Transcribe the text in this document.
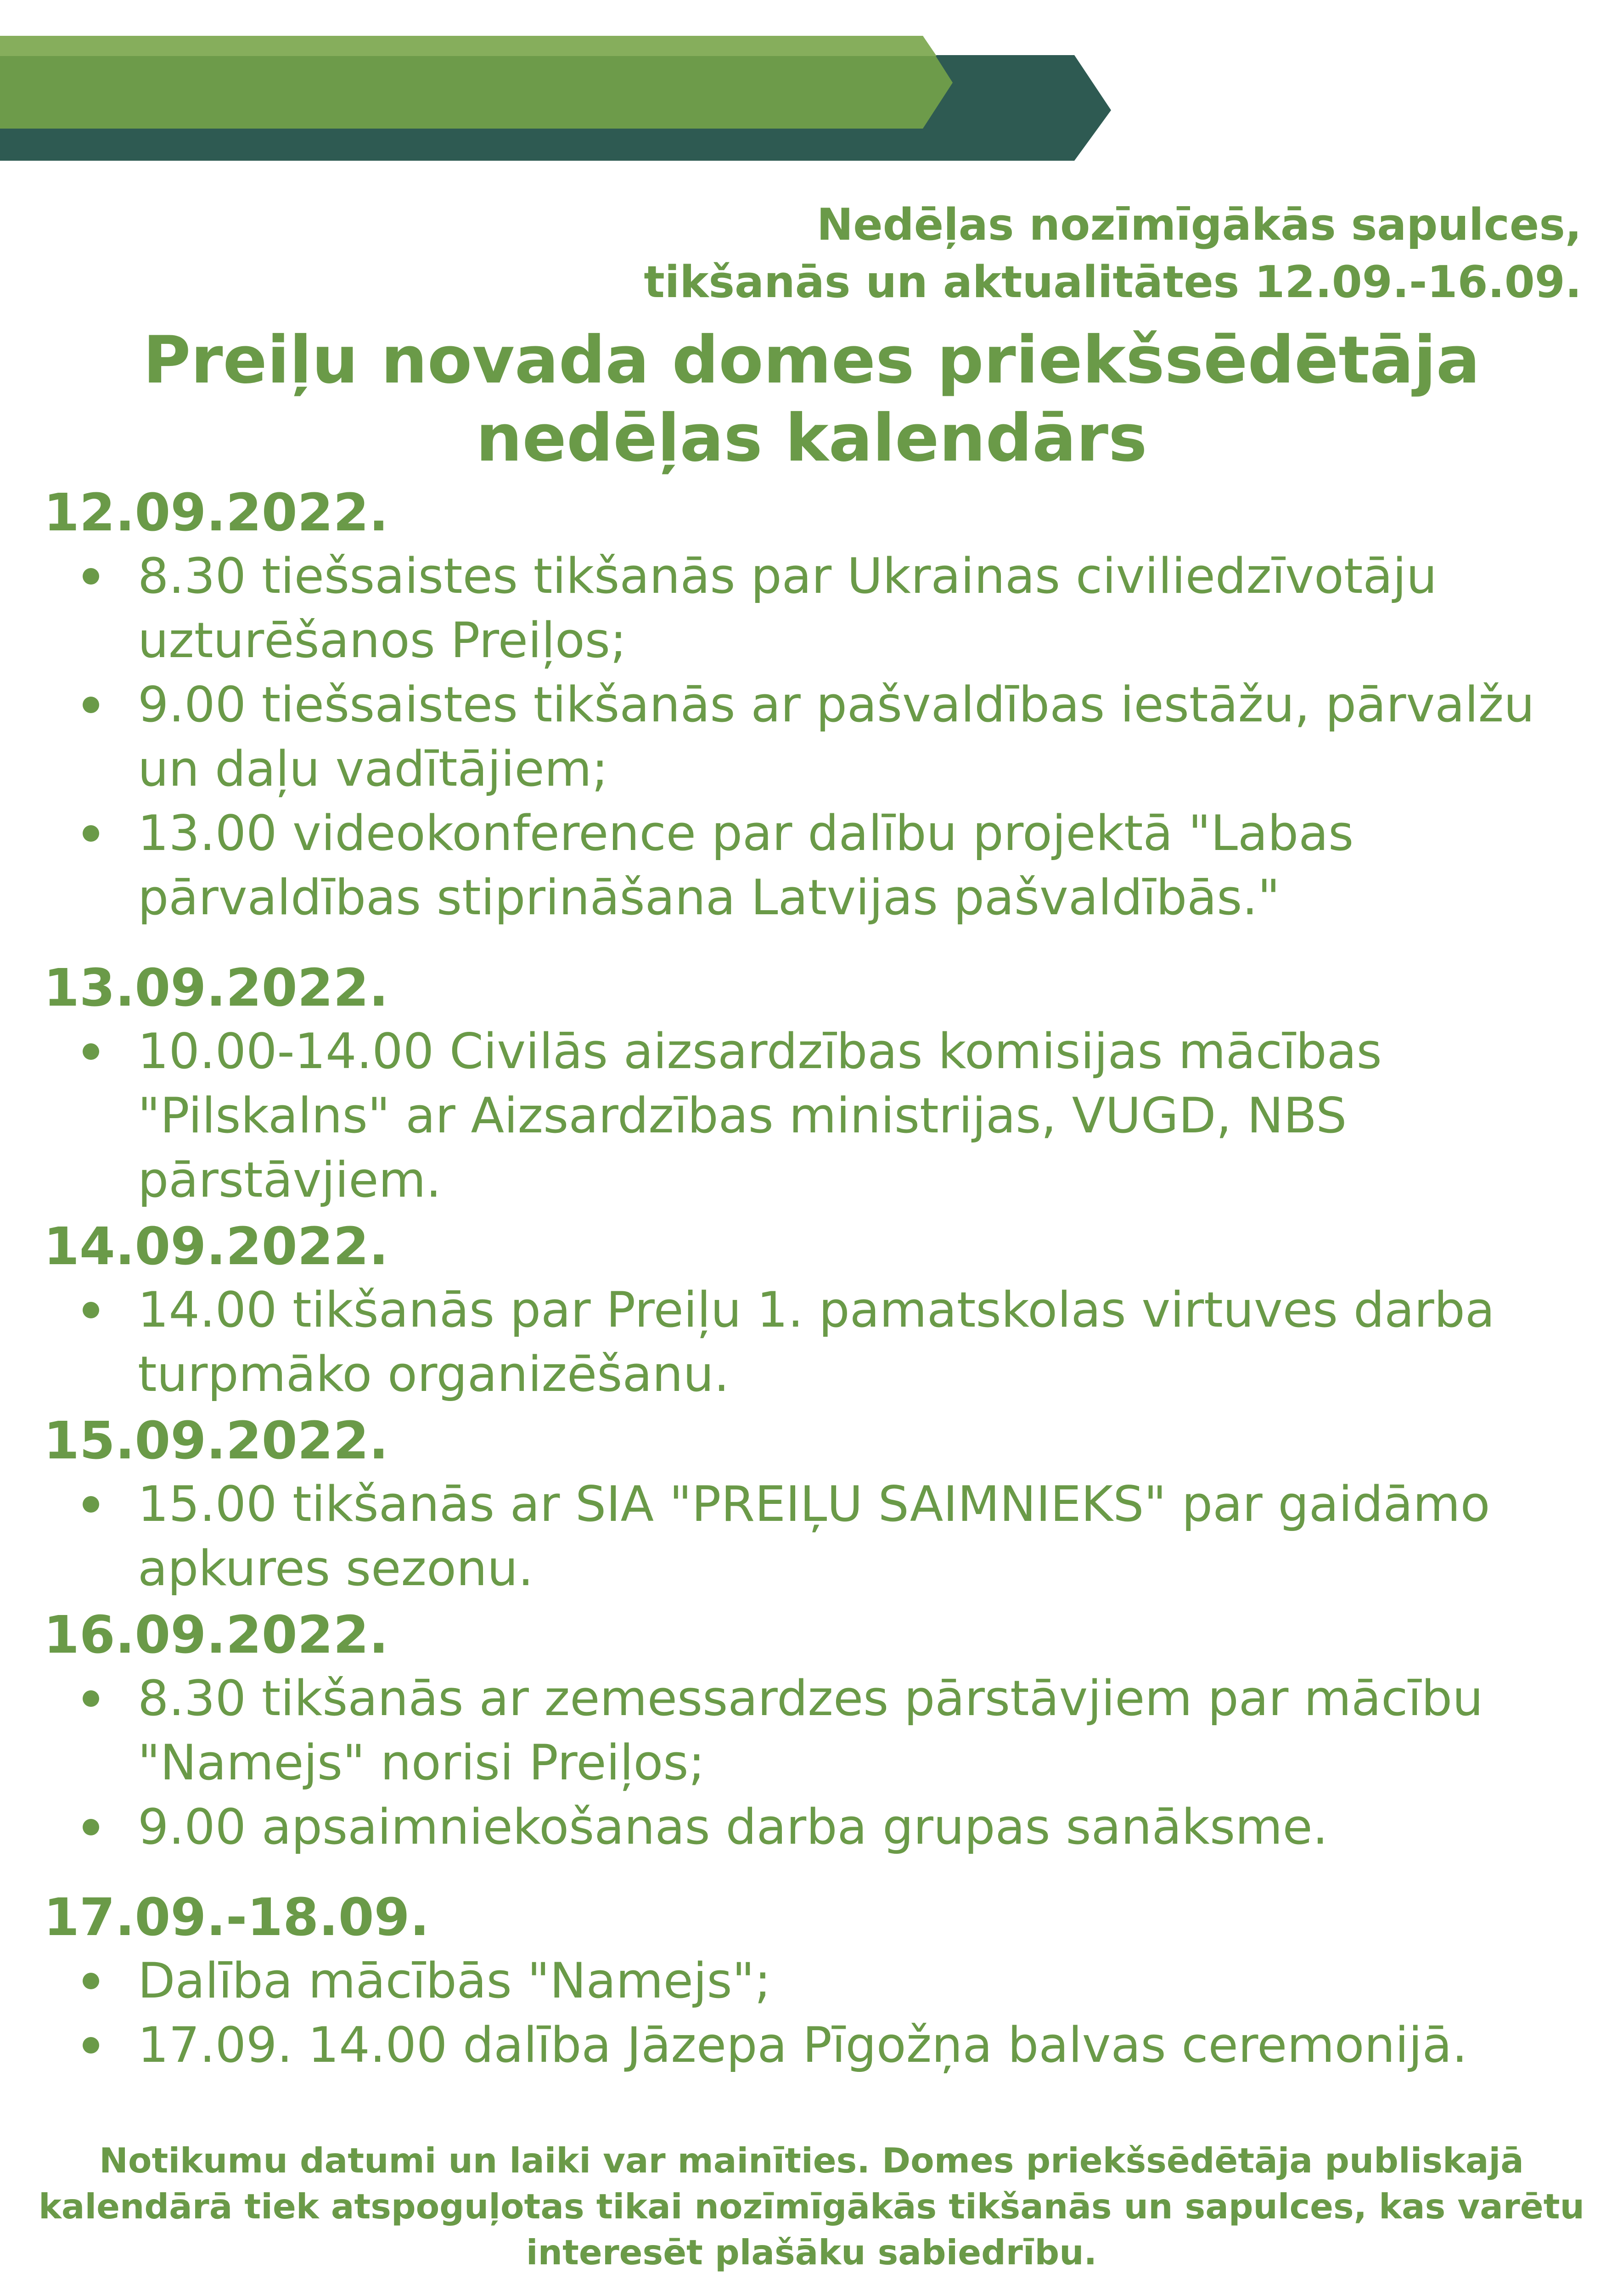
Nedēļas nozīmīgākās sapulces,
tikšanās un aktualitātes 12.09.-16.09.
Preiļu novada domes priekšsēdētāja
nedēļas kalendārs
12.09.2022.
8.30 tiešsaistes tikšanās par Ukrainas civiliedzīvotāju
uzturēšanos Preiļos;
9.00 tiešsaistes tikšanās ar pašvaldības iestāžu, pārvalžu
un daļu vadītājiem;
13.00 videokonference par dalību projektā "Labas
pārvaldības stiprināšana Latvijas pašvaldībās."
13.09.2022.
10.00-14.00 Civilās aizsardzības komisijas mācības
"Pilskalns" ar Aizsardzības ministrijas, VUGD, NBS
pārstāvjiem.
14.09.2022.
14.00 tikšanās par Preiļu 1. pamatskolas virtuves darba
turpmāko organizēšanu.
15.09.2022.
15.00 tikšanās ar SIA "PREIĻU SAIMNIEKS" par gaidāmo
apkures sezonu.
16.09.2022.
8.30 tikšanās ar zemessardzes pārstāvjiem par mācību
"Namejs" norisi Preiļos;
9.00 apsaimniekošanas darba grupas sanāksme.
17.09.-18.09.
Dalība mācībās "Namejs";
17.09. 14.00 dalība Jāzepa Pīgožņa balvas ceremonijā.
Notikumu datumi un laiki var mainīties. Domes priekšsēdētāja publiskajā
kalendārā tiek atspoguļotas tikai nozīmīgākās tikšanās un sapulces, kas varētu
interesēt plašāku sabiedrību.
